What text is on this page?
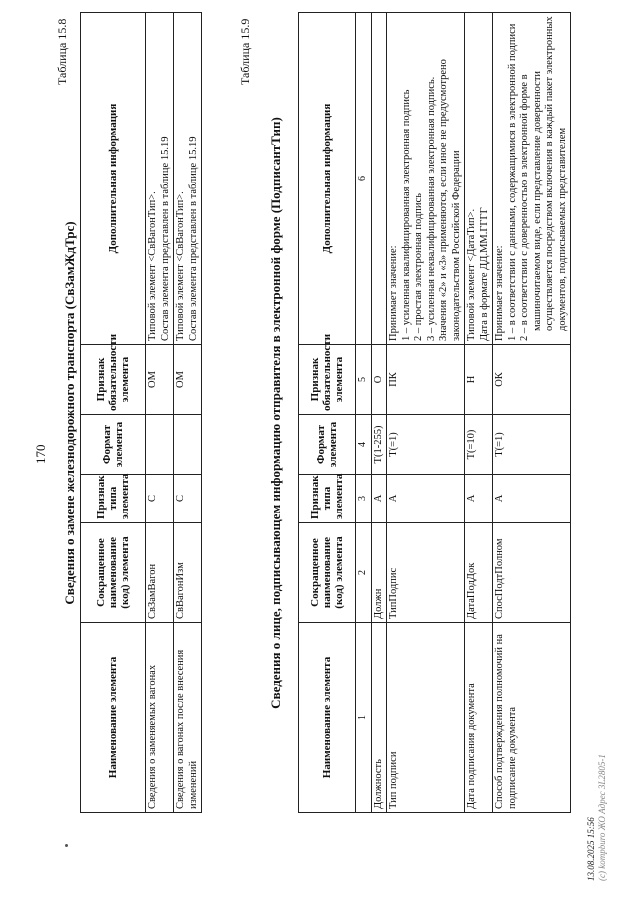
170
Таблица 15.8
Сведения о замене железнодорожного транспорта (СвЗамЖдТрс)
Наименование элемента	Сокращенное наименование (код) элемента	Признак типа элемента	Формат элемента	Признак обязательности элемента	Дополнительная информация
Сведения о заменяемых вагонах	СвЗамВагон	С		ОМ	Типовой элемент <СвВагонТип>. Состав элемента представлен в таблице 15.19

Сведения о вагонах после внесения изменений	СвВагонИзм	С		ОМ	Типовой элемент <СвВагонТип>. Состав элемента представлен в таблице 15.19

Таблица 15.9
Сведения о лице, подписывающем информацию отправителя в электронной форме (ПодписантТип)
Наименование элемента	Сокращенное наименование (код) элемента	Признак типа элемента	Формат элемента	Признак обязательности элемента	Дополнительная информация
1	2	3	4	5	6
Должность	Должн	А	T(1-255)	О	
Тип подписи	ТипПодпис	А	T(=1)	ПК	Принимает значение: 1 – усиленная квалифицированная электронная подпись 2 – простая электронная подпись 3 – усиленная неквалифицированная электронная подпись. Значения «2» и «3» применяются, если иное не предусмотрено законодательством Российской Федерации

Дата подписания документа	ДатаПодДок	А	T(=10)	Н	Типовой элемент <ДатаТип>. Дата в формате ДД.ММ.ГГГГ

Способ подтверждения полномочий на подписание документа	СпосПодтПолном	А	T(=1)	ОК	Принимает значение: 1 – в соответствии с данными, содержащимися в электронной подписи 2 – в соответствии с доверенностью в электронной форме в машиночитаемом виде, если представление доверенности осуществляется посредством включения в каждый пакет электронных документов, подписываемых представителем

13.08.2025 15:56 (c) kompburo ЖО Адрес 3L2805-1
